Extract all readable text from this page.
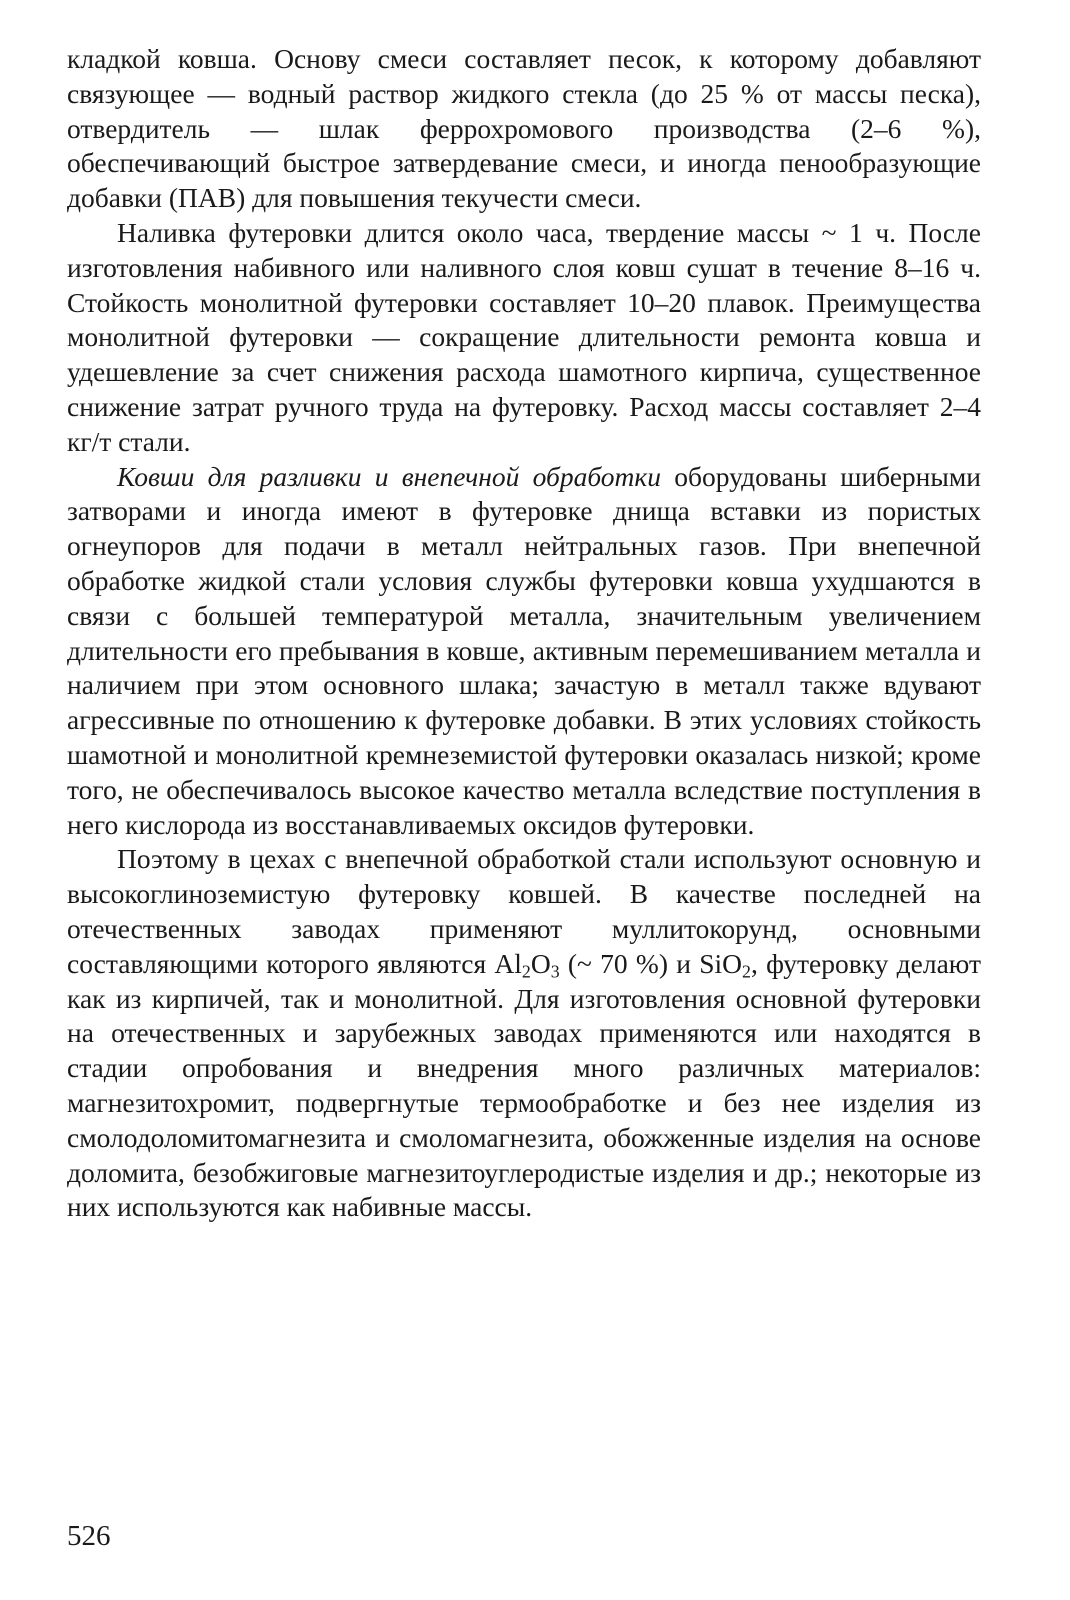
кладкой ковша. Основу смеси составляет песок, к которому добавляют связующее — водный раствор жидкого стекла (до 25 % от массы песка), отвердитель — шлак феррохромового производства (2–6 %), обеспечивающий быстрое затвердевание смеси, и иногда пенообразующие добавки (ПАВ) для повышения текучести смеси.

Наливка футеровки длится около часа, твердение массы ~ 1 ч. После изготовления набивного или наливного слоя ковш сушат в течение 8–16 ч. Стойкость монолитной футеровки составляет 10–20 плавок. Преимущества монолитной футеровки — сокращение длительности ремонта ковша и удешевление за счет снижения расхода шамотного кирпича, существенное снижение затрат ручного труда на футеровку. Расход массы составляет 2–4 кг/т стали.

Ковши для разливки и внепечной обработки оборудованы шиберными затворами и иногда имеют в футеровке днища вставки из пористых огнеупоров для подачи в металл нейтральных газов. При внепечной обработке жидкой стали условия службы футеровки ковша ухудшаются в связи с большей температурой металла, значительным увеличением длительности его пребывания в ковше, активным перемешиванием металла и наличием при этом основного шлака; зачастую в металл также вдувают агрессивные по отношению к футеровке добавки. В этих условиях стойкость шамотной и монолитной кремнеземистой футеровки оказалась низкой; кроме того, не обеспечивалось высокое качество металла вследствие поступления в него кислорода из восстанавливаемых оксидов футеровки.

Поэтому в цехах с внепечной обработкой стали используют основную и высокоглиноземистую футеровку ковшей. В качестве последней на отечественных заводах применяют муллитокорунд, основными составляющими которого являются $Al_2O_3$ (~ 70 %) и SiO$_2$, футеровку делают как из кирпичей, так и монолитной. Для изготовления основной футеровки на отечественных и зарубежных заводах применяются или находятся в стадии опробования и внедрения много различных материалов: магнезитохромит, подвергнутые термообработке и без нее изделия из смолодоломитомагнезита и смоломагнезита, обожженные изделия на основе доломита, безобжиговые магнезитоуглеродистые изделия и др.; некоторые из них используются как набивные массы.

526
